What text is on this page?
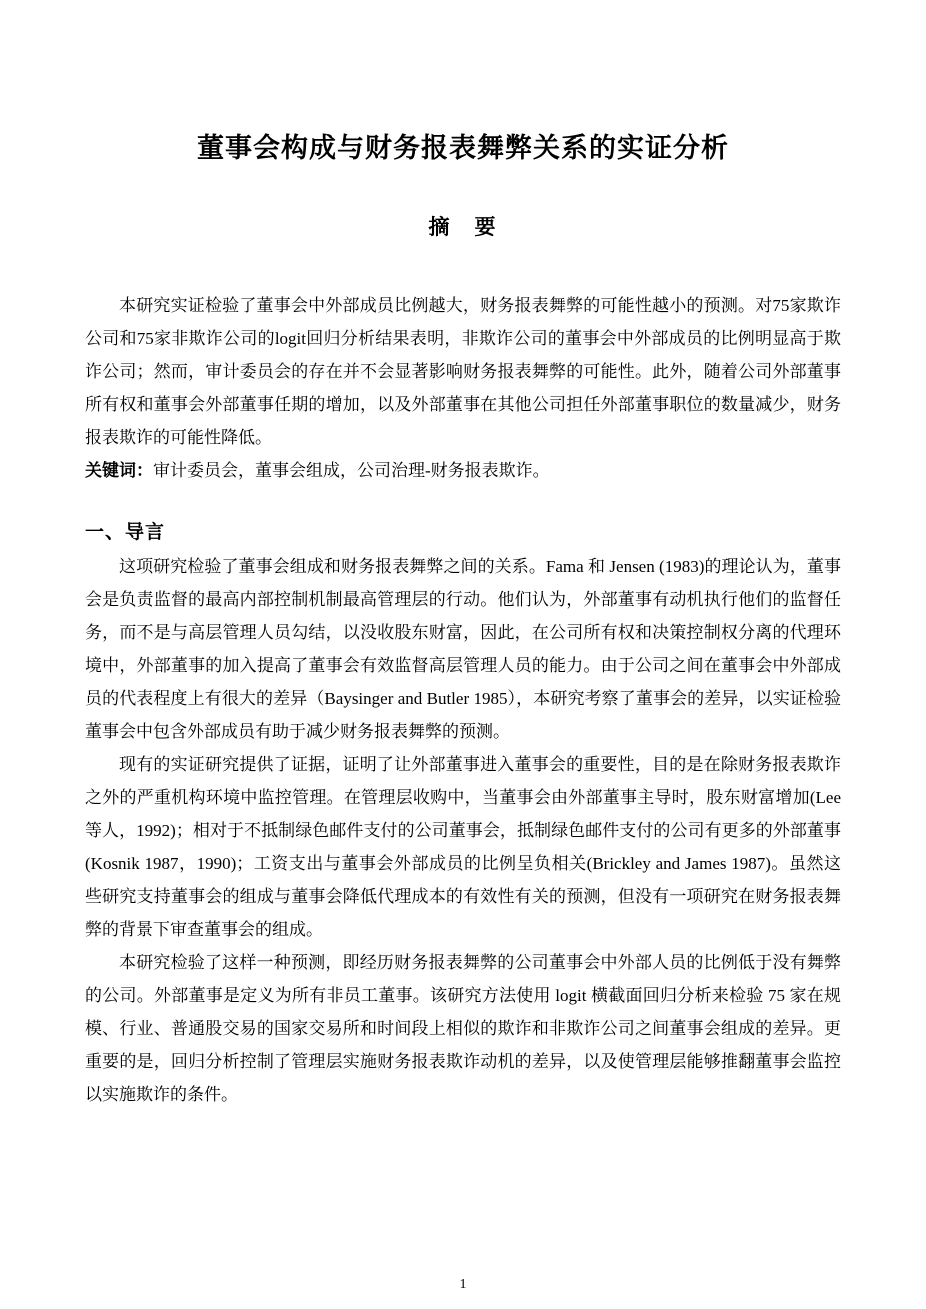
董事会构成与财务报表舞弊关系的实证分析
摘　要

本研究实证检验了董事会中外部成员比例越大，财务报表舞弊的可能性越小的预测。对75家欺诈公司和75家非欺诈公司的logit回归分析结果表明，非欺诈公司的董事会中外部成员的比例明显高于欺诈公司；然而，审计委员会的存在并不会显著影响财务报表舞弊的可能性。此外，随着公司外部董事所有权和董事会外部董事任期的增加，以及外部董事在其他公司担任外部董事职位的数量减少，财务报表欺诈的可能性降低。

关键词：审计委员会，董事会组成，公司治理-财务报表欺诈。

一、导言

这项研究检验了董事会组成和财务报表舞弊之间的关系。Fama 和 Jensen (1983)的理论认为，董事会是负责监督的最高内部控制机制最高管理层的行动。他们认为，外部董事有动机执行他们的监督任务，而不是与高层管理人员勾结，以没收股东财富，因此，在公司所有权和决策控制权分离的代理环境中，外部董事的加入提高了董事会有效监督高层管理人员的能力。由于公司之间在董事会中外部成员的代表程度上有很大的差异（Baysinger and Butler 1985），本研究考察了董事会的差异，以实证检验董事会中包含外部成员有助于减少财务报表舞弊的预测。

现有的实证研究提供了证据，证明了让外部董事进入董事会的重要性，目的是在除财务报表欺诈之外的严重机构环境中监控管理。在管理层收购中，当董事会由外部董事主导时，股东财富增加(Lee 等人，1992)；相对于不抵制绿色邮件支付的公司董事会，抵制绿色邮件支付的公司有更多的外部董事(Kosnik 1987，1990)；工资支出与董事会外部成员的比例呈负相关(Brickley and James 1987)。虽然这些研究支持董事会的组成与董事会降低代理成本的有效性有关的预测，但没有一项研究在财务报表舞弊的背景下审查董事会的组成。

本研究检验了这样一种预测，即经历财务报表舞弊的公司董事会中外部人员的比例低于没有舞弊的公司。外部董事是定义为所有非员工董事。该研究方法使用 logit 横截面回归分析来检验 75 家在规模、行业、普通股交易的国家交易所和时间段上相似的欺诈和非欺诈公司之间董事会组成的差异。更重要的是，回归分析控制了管理层实施财务报表欺诈动机的差异，以及使管理层能够推翻董事会监控以实施欺诈的条件。

1
